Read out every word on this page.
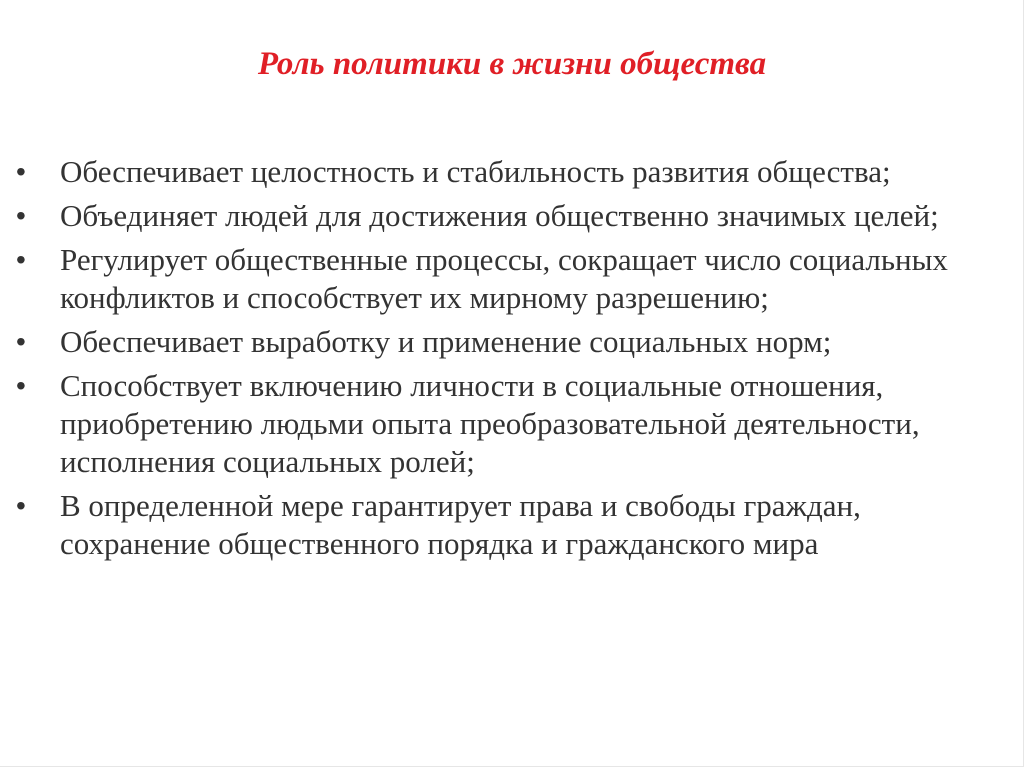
Роль политики в жизни общества
• Обеспечивает целостность и стабильность развития общества;
• Объединяет людей для достижения общественно значимых целей;
• Регулирует общественные процессы, сокращает число социальных конфликтов и способствует их мирному разрешению;
• Обеспечивает выработку и применение социальных норм;
• Способствует включению личности в социальные отношения, приобретению людьми опыта преобразовательной деятельности, исполнения социальных ролей;
• В определенной мере гарантирует права и свободы граждан, сохранение общественного порядка и гражданского мира
